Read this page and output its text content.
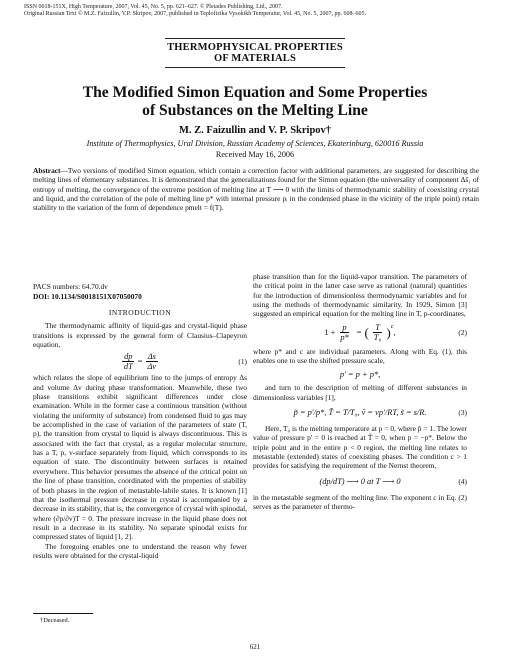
ISSN 0018-151X, High Temperature, 2007, Vol. 45, No. 5, pp. 621–627. © Pleiades Publishing, Ltd., 2007.
Original Russian Text © M.Z. Faizullin, V.P. Skripov, 2007, published in Teplofizika Vysokikh Temperatur, Vol. 45, No. 5, 2007, pp. 608–605.
THERMOPHYSICAL PROPERTIES
OF MATERIALS
The Modified Simon Equation and Some Properties
of Substances on the Melting Line
M. Z. Faizullin and V. P. Skripov†
Institute of Thermophysics, Ural Division, Russian Academy of Sciences, Ekaterinburg, 620016 Russia
Received May 16, 2006
Abstract—Two versions of modified Simon equation, which contain a correction factor with additional parameters, are suggested for describing the melting lines of elementary substances. It is demonstrated that the generalizations found for the Simon equation (the universality of component Δs̃₁ of entropy of melting, the convergence of the extreme position of melting line at T ⟶ 0 with the limits of thermodynamic stability of coexisting crystal and liquid, and the correlation of the pole of melting line p* with internal pressure pᵢ in the condensed phase in the vicinity of the triple point) retain stability to the variation of the form of dependence pmelt = f(T).
PACS numbers: 64.70.dv
DOI: 10.1134/S0018151X07050070
INTRODUCTION

The thermodynamic affinity of liquid-gas and crystal-liquid phase transitions is expressed by the general form of Clausius–Clapeyron equation,

$\frac{dp}{dT} = \frac{\Delta s}{\Delta v}$	(1)

which relates the slope of equilibrium line to the jumps of entropy Δs and volume Δv during phase transformation. Meanwhile, these two phase transitions exhibit significant differences under close examination. While in the former case a continuous transition (without violating the uniformity of substance) from condensed fluid to gas may be accomplished in the case of variation of the parameters of state (T, p), the transition from crystal to liquid is always discontinuous. This is associated with the fact that crystal, as a regular molecular structure, has a T, p, v-surface separately from liquid, which corresponds to its equation of state. The discontinuity between surfaces is retained everywhere. This behavior presumes the absence of the critical point on the line of phase transition, coordinated with the properties of stability of both phases in the region of metastable-labile states. It is known [1] that the isothermal pressure decrease in crystal is accompanied by a decrease in its stability, that is, the convergence of crystal with spinodal, where (∂p/∂v)T = 0. The pressure increase in the liquid phase does not result in a decrease in its stability. No separate spinodal exists for compressed states of liquid [1, 2].

The foregoing enables one to understand the reason why fewer results were obtained for the crystal-liquid

phase transition than for the liquid-vapor transition. The parameters of the critical point in the latter case serve as rational (natural) quantities for the introduction of dimensionless thermodynamic variables and for using the methods of thermodynamic similarity. In 1929, Simon [3] suggested an empirical equation for the melting line in T, p-coordinates,

$1 + \frac{p}{p*}$ = ( $\frac{T}{\text{T₀}} )^c$
,	(2)

where p* and c are individual parameters. Along with Eq. (1), this enables one to use the shifted pressure scale,

p′ = p + p*,

and turn to the description of melting of different substances in dimensionless variables [1],

p̃ = p′/p*, T̃ = T/T₀, ṽ = vp′/RT, s̃ = s/R.	(3)

Here, T₀ is the melting temperature at p = 0, where p̃ = 1. The lower value of pressure p′ = 0 is reached at T̃ = 0, when p = −p*. Below the triple point and in the entire p < 0 region, the melting line relates to metastable (extended) states of coexisting phases. The condition c > 1 provides for satisfying the requirement of the Nernst theorem,

(dp/dT) ⟶ 0 at T ⟶ 0	(4)

in the metastable segment of the melting line. The exponent c in Eq. (2) serves as the parameter of thermo-

†Deceased.
621
